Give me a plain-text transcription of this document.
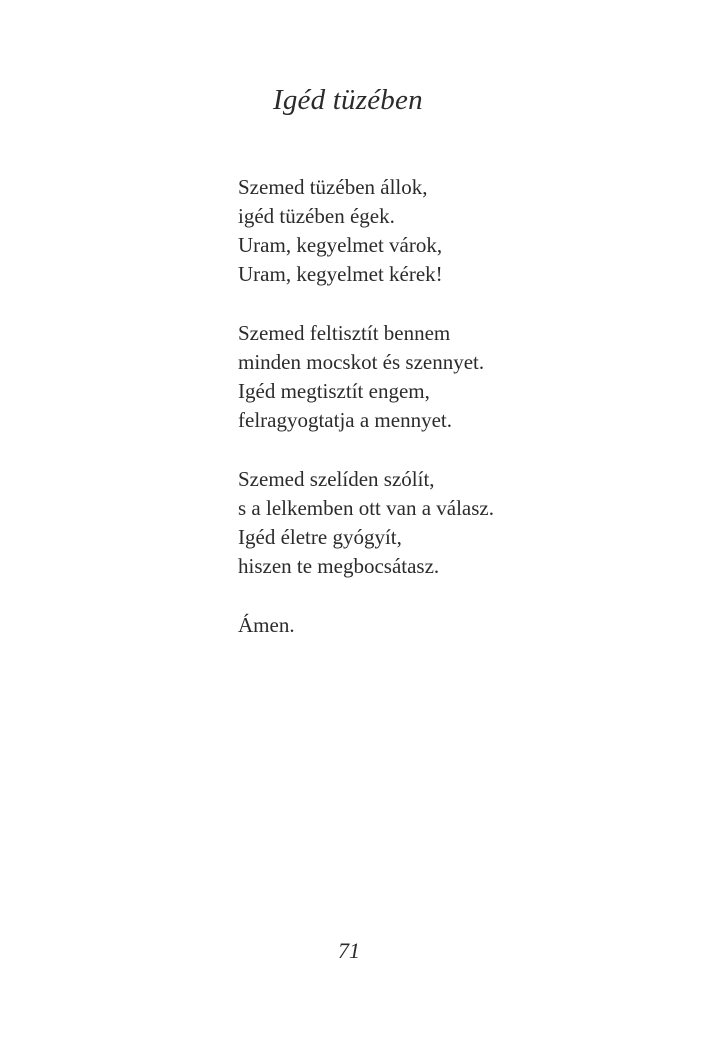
Igéd tüzében
Szemed tüzében állok,
igéd tüzében égek.
Uram, kegyelmet várok,
Uram, kegyelmet kérek!
Szemed feltisztít bennem
minden mocskot és szennyet.
Igéd megtisztít engem,
felragyogtatja a mennyet.
Szemed szelíden szólít,
s a lelkemben ott van a válasz.
Igéd életre gyógyít,
hiszen te megbocsátasz.
Ámen.
71
